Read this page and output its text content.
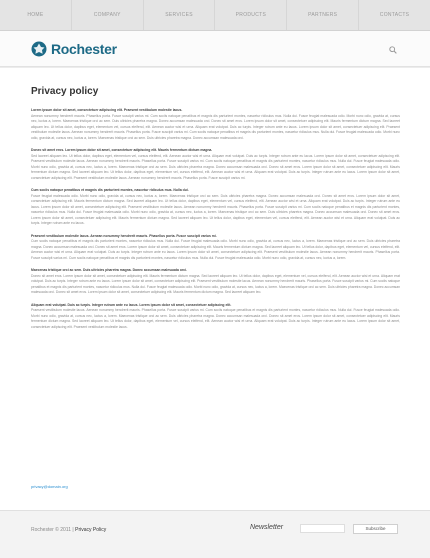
HOME	COMPANY	SERVICES	PRODUCTS	PARTNERS	CONTACTS
Rochester
Privacy policy

Lorem ipsum dolor sit amet, consectetuer adipiscing elit. Praesent vestibulum molestie lacus.

Aenean nonummy hendrerit mauris. Phasellus porta. Fusce suscipit varius mi. Cum sociis natoque penatibus et magnis dis parturient montes, nascetur ridiculus mus. Nulla dui. Fusce feugiat malesuada odio. Morbi nunc odio, gravida at, cursus nec, luctus a, lorem. Maecenas tristique orci ac sem. Duis ultricies pharetra magna. Donec accumsan malesuada orci. Donec sit amet eros. Lorem ipsum dolor sit amet, consectetuer adipiscing elit. Mauris fermentum dictum magna. Sed laoreet aliquam leo. Ut tellus dolor, dapibus eget, elementum vel, cursus eleifend, elit. Aenean auctor wisi et urna. Aliquam erat volutpat. Duis ac turpis. Integer rutrum ante eu lacus. Lorem ipsum dolor sit amet, consectetuer adipiscing elit. Praesent vestibulum molestie lacus. Aenean nonummy hendrerit mauris. Phasellus porta. Fusce suscipit varius mi. Cum sociis natoque penatibus et magnis dis parturient montes, nascetur ridiculus mus. Nulla dui. Fusce feugiat malesuada odio. Morbi nunc odio, gravida at, cursus nec, luctus a, lorem. Maecenas tristique orci ac sem. Duis ultricies pharetra magna. Donec accumsan malesuada orci.

Donec sit amet eros. Lorem ipsum dolor sit amet, consectetuer adipiscing elit. Mauris fermentum dictum magna.

Sed laoreet aliquam leo. Ut tellus dolor, dapibus eget, elementum vel, cursus eleifend, elit. Aenean auctor wisi et urna. Aliquam erat volutpat. Duis ac turpis. Integer rutrum ante eu lacus. Lorem ipsum dolor sit amet, consectetuer adipiscing elit. Praesent vestibulum molestie lacus. Aenean nonummy hendrerit mauris. Phasellus porta. Fusce suscipit varius mi. Cum sociis natoque penatibus et magnis dis parturient montes, nascetur ridiculus mus. Nulla dui. Fusce feugiat malesuada odio. Morbi nunc odio, gravida at, cursus nec, luctus a, lorem. Maecenas tristique orci ac sem. Duis ultricies pharetra magna. Donec accumsan malesuada orci. Donec sit amet eros. Lorem ipsum dolor sit amet, consectetuer adipiscing elit. Mauris fermentum dictum magna. Sed laoreet aliquam leo. Ut tellus dolor, dapibus eget, elementum vel, cursus eleifend, elit. Aenean auctor wisi et urna. Aliquam erat volutpat. Duis ac turpis. Integer rutrum ante eu lacus. Lorem ipsum dolor sit amet, consectetuer adipiscing elit. Praesent vestibulum molestie lacus. Aenean nonummy hendrerit mauris. Phasellus porta. Fusce suscipit varius mi.

Cum sociis natoque penatibus et magnis dis parturient montes, nascetur ridiculus mus. Nulla dui.

Fusce feugiat malesuada odio. Morbi nunc odio, gravida at, cursus nec, luctus a, lorem. Maecenas tristique orci ac sem. Duis ultricies pharetra magna. Donec accumsan malesuada orci. Donec sit amet eros. Lorem ipsum dolor sit amet, consectetuer adipiscing elit. Mauris fermentum dictum magna. Sed laoreet aliquam leo. Ut tellus dolor, dapibus eget, elementum vel, cursus eleifend, elit. Aenean auctor wisi et urna. Aliquam erat volutpat. Duis ac turpis. Integer rutrum ante eu lacus. Lorem ipsum dolor sit amet, consectetuer adipiscing elit. Praesent vestibulum molestie lacus. Aenean nonummy hendrerit mauris. Phasellus porta. Fusce suscipit varius mi. Cum sociis natoque penatibus et magnis dis parturient montes, nascetur ridiculus mus. Nulla dui. Fusce feugiat malesuada odio. Morbi nunc odio, gravida at, cursus nec, luctus a, lorem. Maecenas tristique orci ac sem. Duis ultricies pharetra magna. Donec accumsan malesuada orci. Donec sit amet eros. Lorem ipsum dolor sit amet, consectetuer adipiscing elit. Mauris fermentum dictum magna. Sed laoreet aliquam leo. Ut tellus dolor, dapibus eget, elementum vel, cursus eleifend, elit. Aenean auctor wisi et urna. Aliquam erat volutpat. Duis ac turpis. Integer rutrum ante eu lacus.

Praesent vestibulum molestie lacus. Aenean nonummy hendrerit mauris. Phasellus porta. Fusce suscipit varius mi.

Cum sociis natoque penatibus et magnis dis parturient montes, nascetur ridiculus mus. Nulla dui. Fusce feugiat malesuada odio. Morbi nunc odio, gravida at, cursus nec, luctus a, lorem. Maecenas tristique orci ac sem. Duis ultricies pharetra magna. Donec accumsan malesuada orci. Donec sit amet eros. Lorem ipsum dolor sit amet, consectetuer adipiscing elit. Mauris fermentum dictum magna. Sed laoreet aliquam leo. Ut tellus dolor, dapibus eget, elementum vel, cursus eleifend, elit. Aenean auctor wisi et urna. Aliquam erat volutpat. Duis ac turpis. Integer rutrum ante eu lacus. Lorem ipsum dolor sit amet, consectetuer adipiscing elit. Praesent vestibulum molestie lacus. Aenean nonummy hendrerit mauris. Phasellus porta. Fusce suscipit varius mi. Cum sociis natoque penatibus et magnis dis parturient montes, nascetur ridiculus mus. Nulla dui. Fusce feugiat malesuada odio. Morbi nunc odio, gravida at, cursus nec, luctus a, lorem.

Maecenas tristique orci ac sem. Duis ultricies pharetra magna. Donec accumsan malesuada orci.

Donec sit amet eros. Lorem ipsum dolor sit amet, consectetuer adipiscing elit. Mauris fermentum dictum magna. Sed laoreet aliquam leo. Ut tellus dolor, dapibus eget, elementum vel, cursus eleifend, elit. Aenean auctor wisi et urna. Aliquam erat volutpat. Duis ac turpis. Integer rutrum ante eu lacus. Lorem ipsum dolor sit amet, consectetuer adipiscing elit. Praesent vestibulum molestie lacus. Aenean nonummy hendrerit mauris. Phasellus porta. Fusce suscipit varius mi. Cum sociis natoque penatibus et magnis dis parturient montes, nascetur ridiculus mus. Nulla dui. Fusce feugiat malesuada odio. Morbi nunc odio, gravida at, cursus nec, luctus a, lorem. Maecenas tristique orci ac sem. Duis ultricies pharetra magna. Donec accumsan malesuada orci. Donec sit amet eros. Lorem ipsum dolor sit amet, consectetuer adipiscing elit. Mauris fermentum dictum magna. Sed laoreet aliquam leo.

Aliquam erat volutpat. Duis ac turpis. Integer rutrum ante eu lacus. Lorem ipsum dolor sit amet, consectetuer adipiscing elit.

Praesent vestibulum molestie lacus. Aenean nonummy hendrerit mauris. Phasellus porta. Fusce suscipit varius mi. Cum sociis natoque penatibus et magnis dis parturient montes, nascetur ridiculus mus. Nulla dui. Fusce feugiat malesuada odio. Morbi nunc odio, gravida at, cursus nec, luctus a, lorem. Maecenas tristique orci ac sem. Duis ultricies pharetra magna. Donec accumsan malesuada orci. Donec sit amet eros. Lorem ipsum dolor sit amet, consectetuer adipiscing elit. Mauris fermentum dictum magna. Sed laoreet aliquam leo. Ut tellus dolor, dapibus eget, elementum vel, cursus eleifend, elit. Aenean auctor wisi et urna. Aliquam erat volutpat. Duis ac turpis. Integer rutrum ante eu lacus. Lorem ipsum dolor sit amet, consectetuer adipiscing elit. Praesent vestibulum molestie lacus.

privacy@domain.org
Rochester © 2011 | Privacy Policy	Newsletter	Subscribe
